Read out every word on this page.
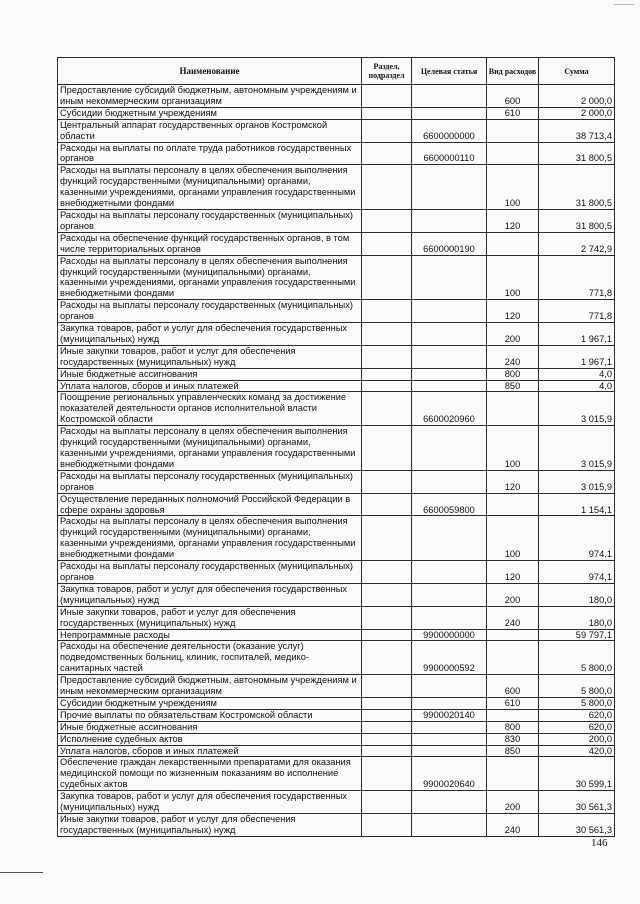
Наименование	Раздел, подраздел	Целевая статья	Вид расходов	Сумма
Предоставление субсидий бюджетным, автономным учреждениям и иным некоммерческим организациям			600	2 000,0
Субсидии бюджетным учреждениям			610	2 000,0
Центральный аппарат государственных органов Костромской области		6600000000		38 713,4
Расходы на выплаты по оплате труда работников государственных органов		6600000110		31 800,5
Расходы на выплаты персоналу в целях обеспечения выполнения функций государственными (муниципальными) органами, казенными учреждениями, органами управления государственными внебюджетными фондами			100	31 800,5
Расходы на выплаты персоналу государственных (муниципальных) органов			120	31 800,5
Расходы на обеспечение функций государственных органов, в том числе территориальных органов		6600000190		2 742,9
Расходы на выплаты персоналу в целях обеспечения выполнения функций государственными (муниципальными) органами, казенными учреждениями, органами управления государственными внебюджетными фондами			100	771,8
Расходы на выплаты персоналу государственных (муниципальных) органов			120	771,8
Закупка товаров, работ и услуг для обеспечения государственных (муниципальных) нужд			200	1 967,1
Иные закупки товаров, работ и услуг для обеспечения государственных (муниципальных) нужд			240	1 967,1
Иные бюджетные ассигнования			800	4,0
Уплата налогов, сборов и иных платежей			850	4,0
Поощрение региональных управленческих команд за достижение показателей деятельности органов исполнительной власти Костромской области		6600020960		3 015,9
Расходы на выплаты персоналу в целях обеспечения выполнения функций государственными (муниципальными) органами, казенными учреждениями, органами управления государственными внебюджетными фондами			100	3 015,9
Расходы на выплаты персоналу государственных (муниципальных) органов			120	3 015,9
Осуществление переданных полномочий Российской Федерации в сфере охраны здоровья		6600059800		1 154,1
Расходы на выплаты персоналу в целях обеспечения выполнения функций государственными (муниципальными) органами, казенными учреждениями, органами управления государственными внебюджетными фондами			100	974,1
Расходы на выплаты персоналу государственных (муниципальных) органов			120	974,1
Закупка товаров, работ и услуг для обеспечения государственных (муниципальных) нужд			200	180,0
Иные закупки товаров, работ и услуг для обеспечения государственных (муниципальных) нужд			240	180,0
Непрограммные расходы		9900000000		59 797,1
Расходы на обеспечение деятельности (оказание услуг) подведомственных больниц, клиник, госпиталей, медико-санитарных частей		9900000592		5 800,0
Предоставление субсидий бюджетным, автономным учреждениям и иным некоммерческим организациям			600	5 800,0
Субсидии бюджетным учреждениям			610	5 800,0
Прочие выплаты по обязательствам Костромской области		9900020140		620,0
Иные бюджетные ассигнования			800	620,0
Исполнение судебных актов			830	200,0
Уплата налогов, сборов и иных платежей			850	420,0
Обеспечение граждан лекарственными препаратами для оказания медицинской помощи по жизненным показаниям во исполнение судебных актов		9900020640		30 599,1
Закупка товаров, работ и услуг для обеспечения государственных (муниципальных) нужд			200	30 561,3
Иные закупки товаров, работ и услуг для обеспечения государственных (муниципальных) нужд			240	30 561,3
146
